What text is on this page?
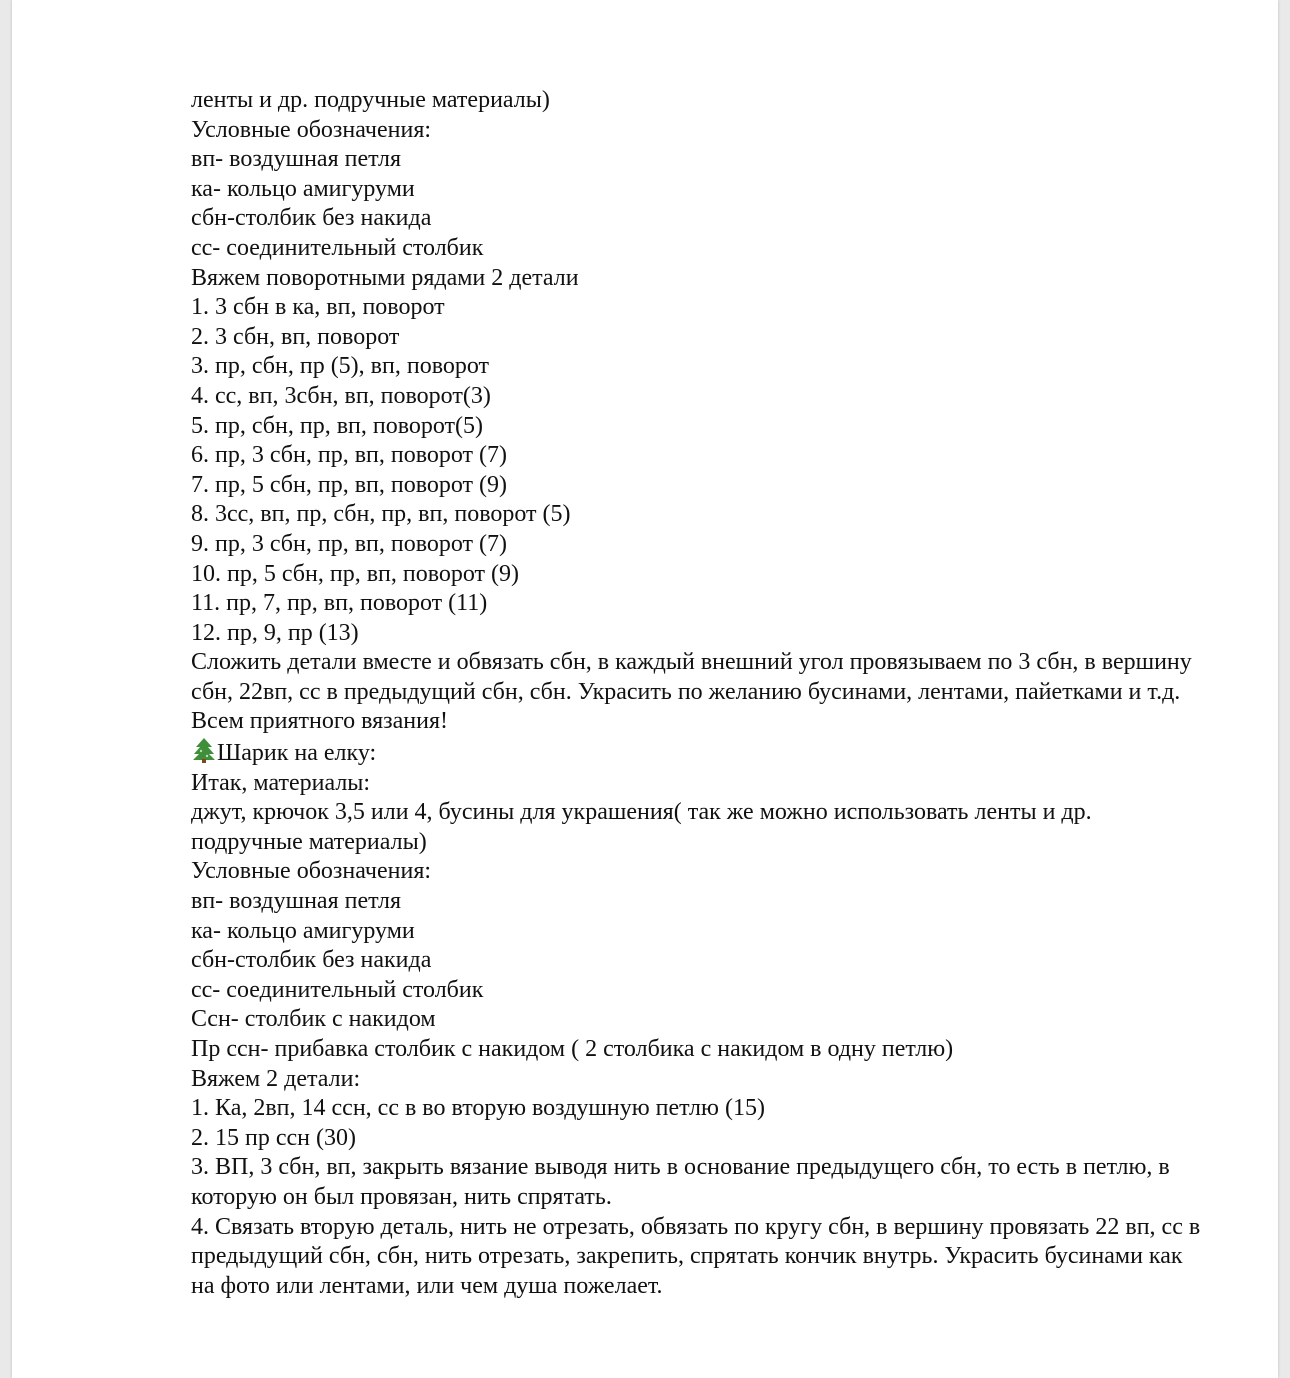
ленты и др. подручные материалы)

Условные обозначения:

вп- воздушная петля

ка- кольцо амигуруми

сбн-столбик без накида

сс- соединительный столбик

Вяжем поворотными рядами 2 детали

1. 3 сбн в ка, вп, поворот

2. 3 сбн, вп, поворот

3. пр, сбн, пр (5), вп, поворот

4. сс, вп, 3сбн, вп, поворот(3)

5. пр, сбн, пр, вп, поворот(5)

6. пр, 3 сбн, пр, вп, поворот (7)

7. пр, 5 сбн, пр, вп, поворот (9)

8. 3сс, вп, пр, сбн, пр, вп, поворот (5)

9. пр, 3 сбн, пр, вп, поворот (7)

10. пр, 5 сбн, пр, вп, поворот (9)

11. пр, 7, пр, вп, поворот (11)

12. пр, 9, пр (13)

Сложить детали вместе и обвязать сбн, в каждый внешний угол провязываем по 3 сбн, в вершину сбн, 22вп, сс в предыдущий сбн, сбн. Украсить по желанию бусинами, лентами, пайетками и т.д.

Всем приятного вязания!

Шарик на елку:

Итак, материалы:

джут, крючок 3,5 или 4, бусины для украшения( так же можно использовать ленты и др. подручные материалы)

Условные обозначения:

вп- воздушная петля

ка- кольцо амигуруми

сбн-столбик без накида

сс- соединительный столбик

Ссн- столбик с накидом

Пр ссн- прибавка столбик с накидом ( 2 столбика с накидом в одну петлю)

Вяжем 2 детали:

1. Ка, 2вп, 14 ссн, сс в во вторую воздушную петлю (15)

2. 15 пр ссн (30)

3. ВП, 3 сбн, вп, закрыть вязание выводя нить в основание предыдущего сбн, то есть в петлю, в которую он был провязан, нить спрятать.

4. Связать вторую деталь, нить не отрезать, обвязать по кругу сбн, в вершину провязать 22 вп, сс в предыдущий сбн, сбн, нить отрезать, закрепить, спрятать кончик внутрь. Украсить бусинами как на фото или лентами, или чем душа пожелает.
